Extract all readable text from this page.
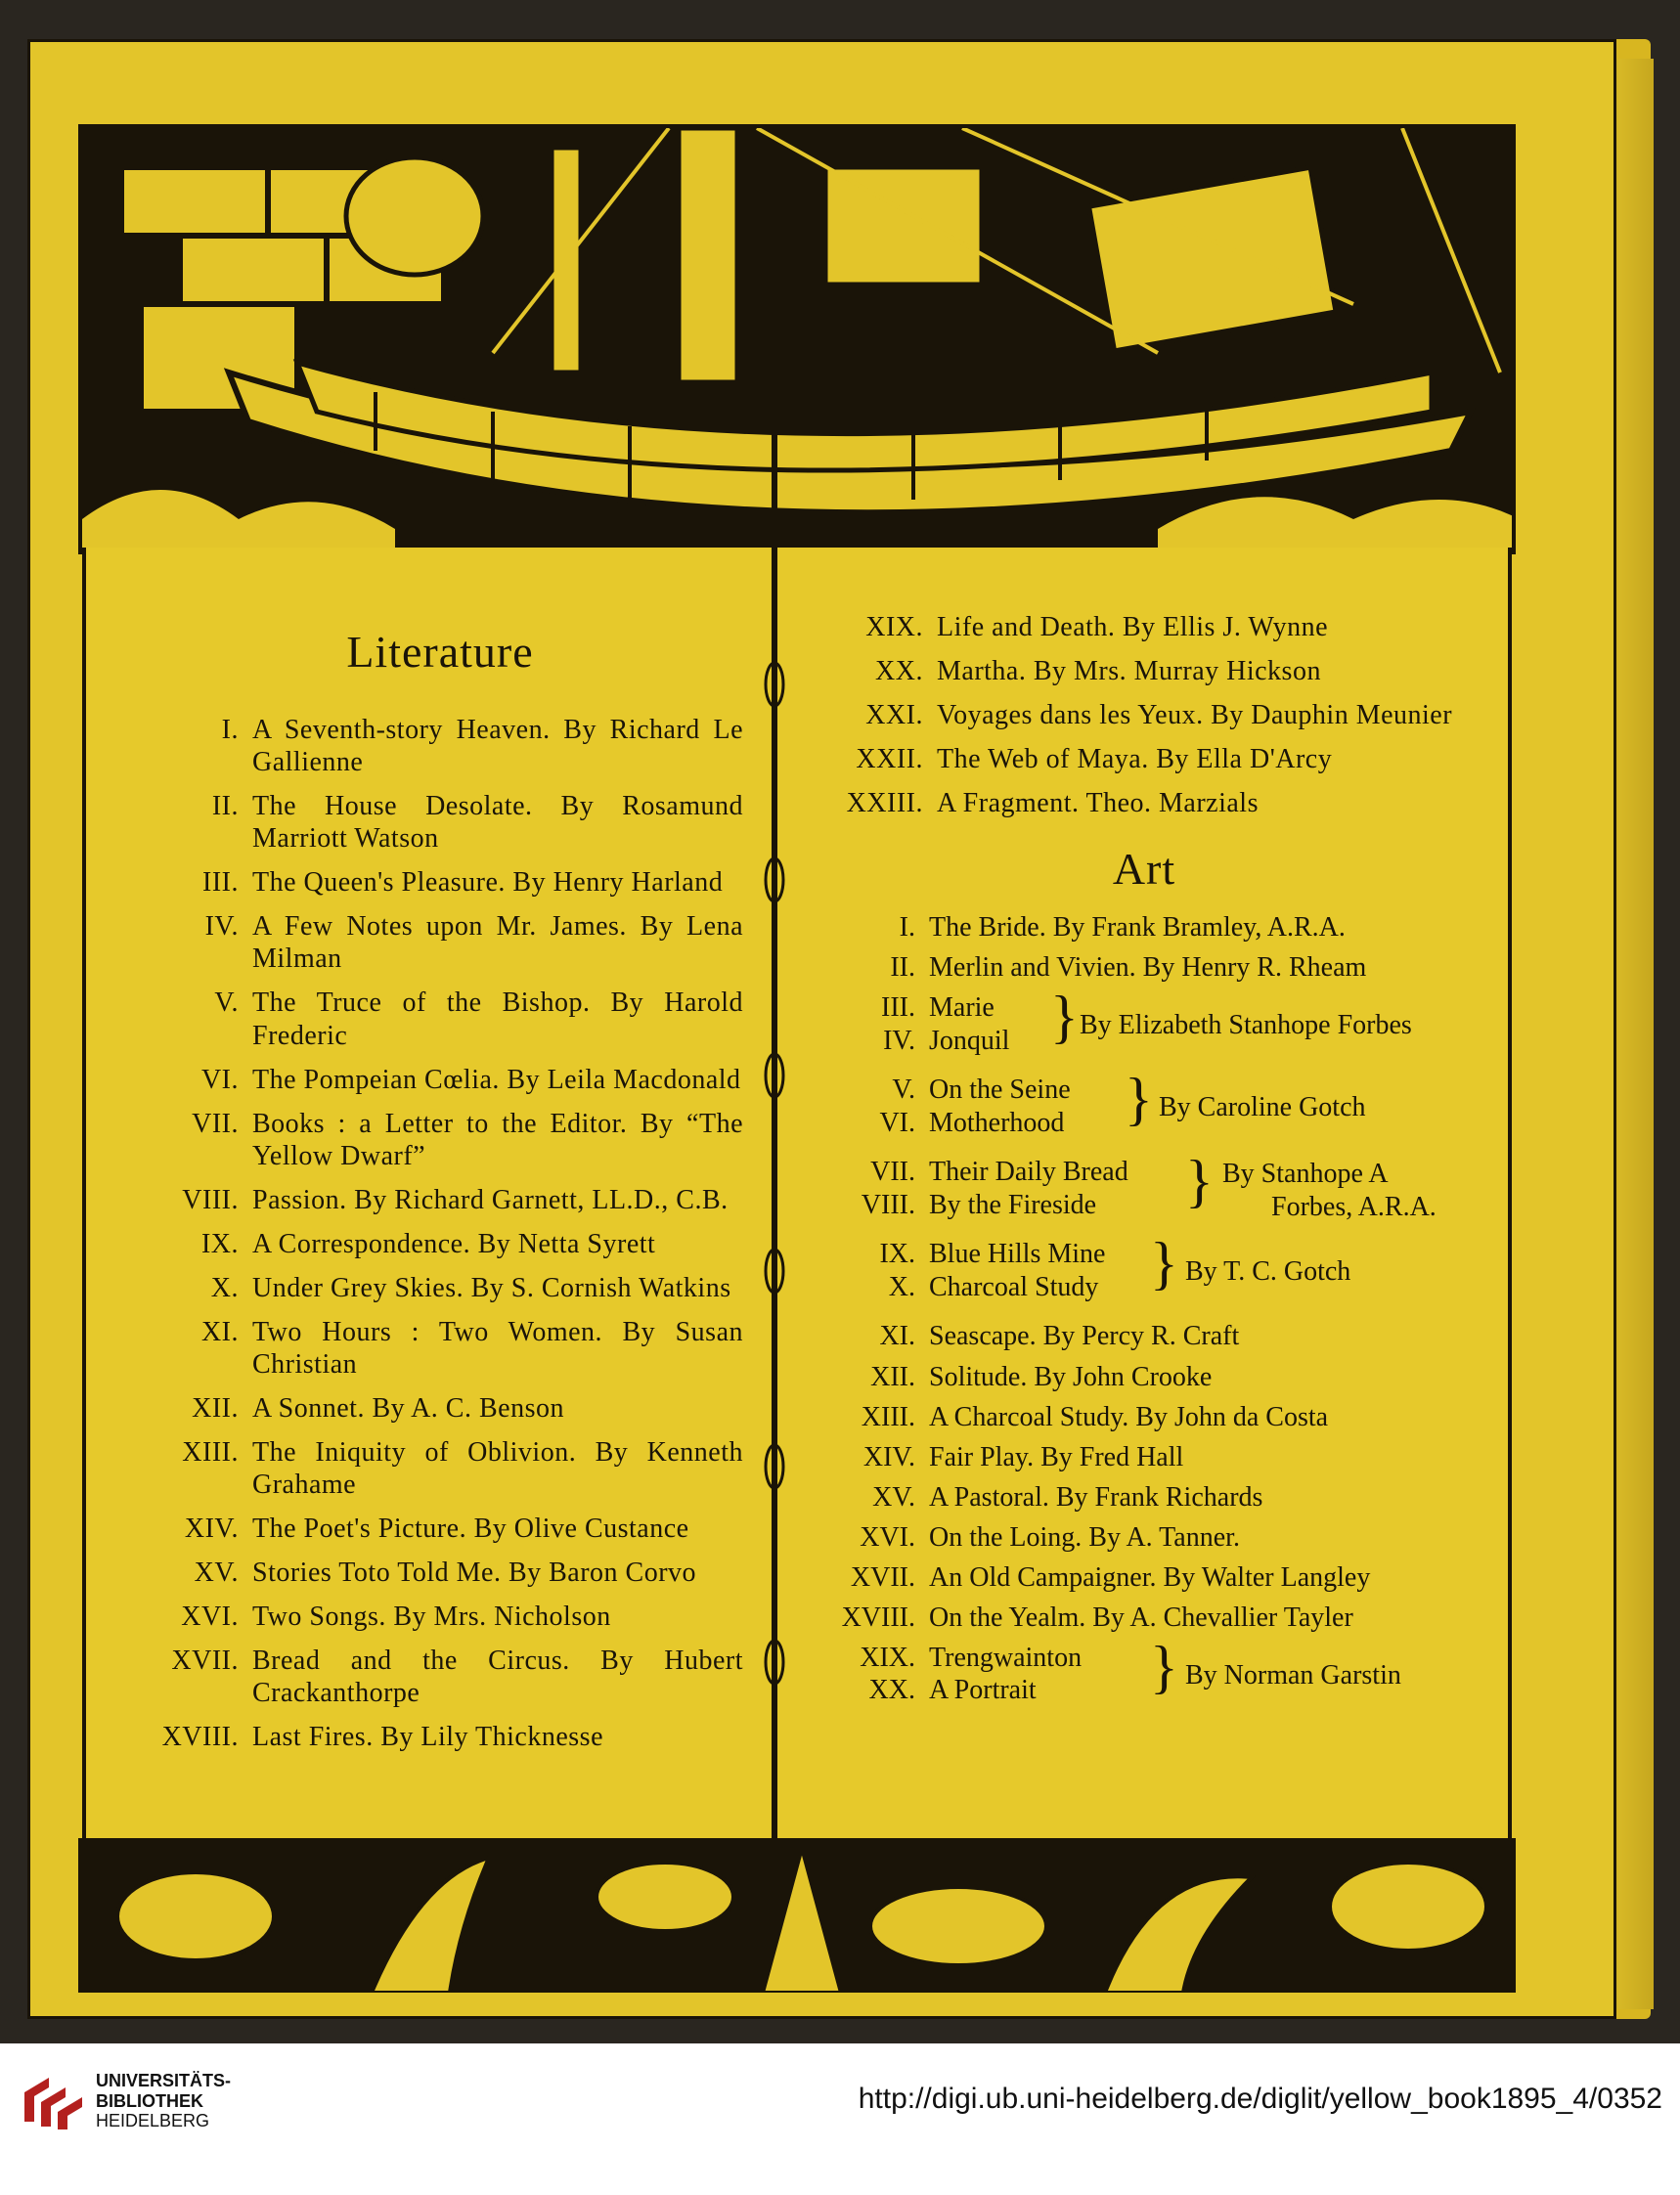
Literature
I. A Seventh-story Heaven. By Richard Le Gallienne
II. The House Desolate. By Rosamund Marriott Watson
III. The Queen's Pleasure. By Henry Harland
IV. A Few Notes upon Mr. James. By Lena Milman
V. The Truce of the Bishop. By Harold Frederic
VI. The Pompeian Cœlia. By Leila Macdonald
VII. Books : a Letter to the Editor. By “The Yellow Dwarf”
VIII. Passion. By Richard Garnett, LL.D., C.B.
IX. A Correspondence. By Netta Syrett
X. Under Grey Skies. By S. Cornish Watkins
XI. Two Hours : Two Women. By Susan Christian
XII. A Sonnet. By A. C. Benson
XIII. The Iniquity of Oblivion. By Kenneth Grahame
XIV. The Poet's Picture. By Olive Custance
XV. Stories Toto Told Me. By Baron Corvo
XVI. Two Songs. By Mrs. Nicholson
XVII. Bread and the Circus. By Hubert Crackanthorpe
XVIII. Last Fires. By Lily Thicknesse
XIX. Life and Death. By Ellis J. Wynne
XX. Martha. By Mrs. Murray Hickson
XXI. Voyages dans les Yeux. By Dauphin Meunier
XXII. The Web of Maya. By Ella D'Arcy
XXIII. A Fragment. Theo. Marzials
Art
I. The Bride. By Frank Bramley, A.R.A.
II. Merlin and Vivien. By Henry R. Rheam
III. Marie
IV. Jonquil } By Elizabeth Stanhope Forbes
V. On the Seine
VI. Motherhood	} By Caroline Gotch
VII. Their Daily Bread
VIII. By the Fireside	} By Stanhope A
Forbes, A.R.A.
IX. Blue Hills Mine
X. Charcoal Study } By T. C. Gotch
XI. Seascape. By Percy R. Craft
XII. Solitude. By John Crooke
XIII. A Charcoal Study. By John da Costa
XIV. Fair Play. By Fred Hall
XV. A Pastoral. By Frank Richards
XVI. On the Loing. By A. Tanner.
XVII. An Old Campaigner. By Walter Langley
XVIII. On the Yealm. By A. Chevallier Tayler
XIX. Trengwainton
XX. A Portrait	} By Norman Garstin
UNIVERSITÄTS-
BIBLIOTHEK
HEIDELBERG
http://digi.ub.uni-heidelberg.de/diglit/yellow_book1895_4/0352
